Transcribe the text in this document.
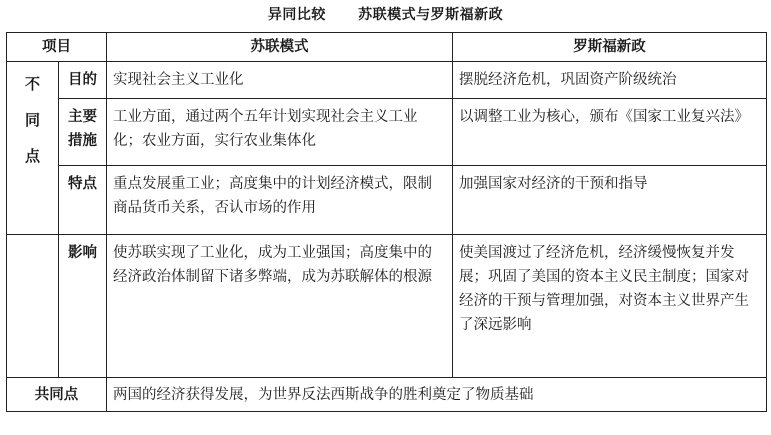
异同比较      苏联模式与罗斯福新政
项目		苏联模式	罗斯福新政

不
同
点	目的	实现社会主义工业化	摆脱经济危机，巩固资产阶级统治

	主要
措施	工业方面，通过两个五年计划实现社会主义工业化；农业方面，实行农业集体化	以调整工业为核心，颁布《国家工业复兴法》

	特点	重点发展重工业；高度集中的计划经济模式，限制商品货币关系，否认市场的作用	加强国家对经济的干预和指导

	影响	使苏联实现了工业化，成为工业强国；高度集中的经济政治体制留下诸多弊端，成为苏联解体的根源	使美国渡过了经济危机，经济缓慢恢复并发展；巩固了美国的资本主义民主制度；国家对经济的干预与管理加强，对资本主义世界产生了深远影响
共同点		两国的经济获得发展，为世界反法西斯战争的胜利奠定了物质基础	
